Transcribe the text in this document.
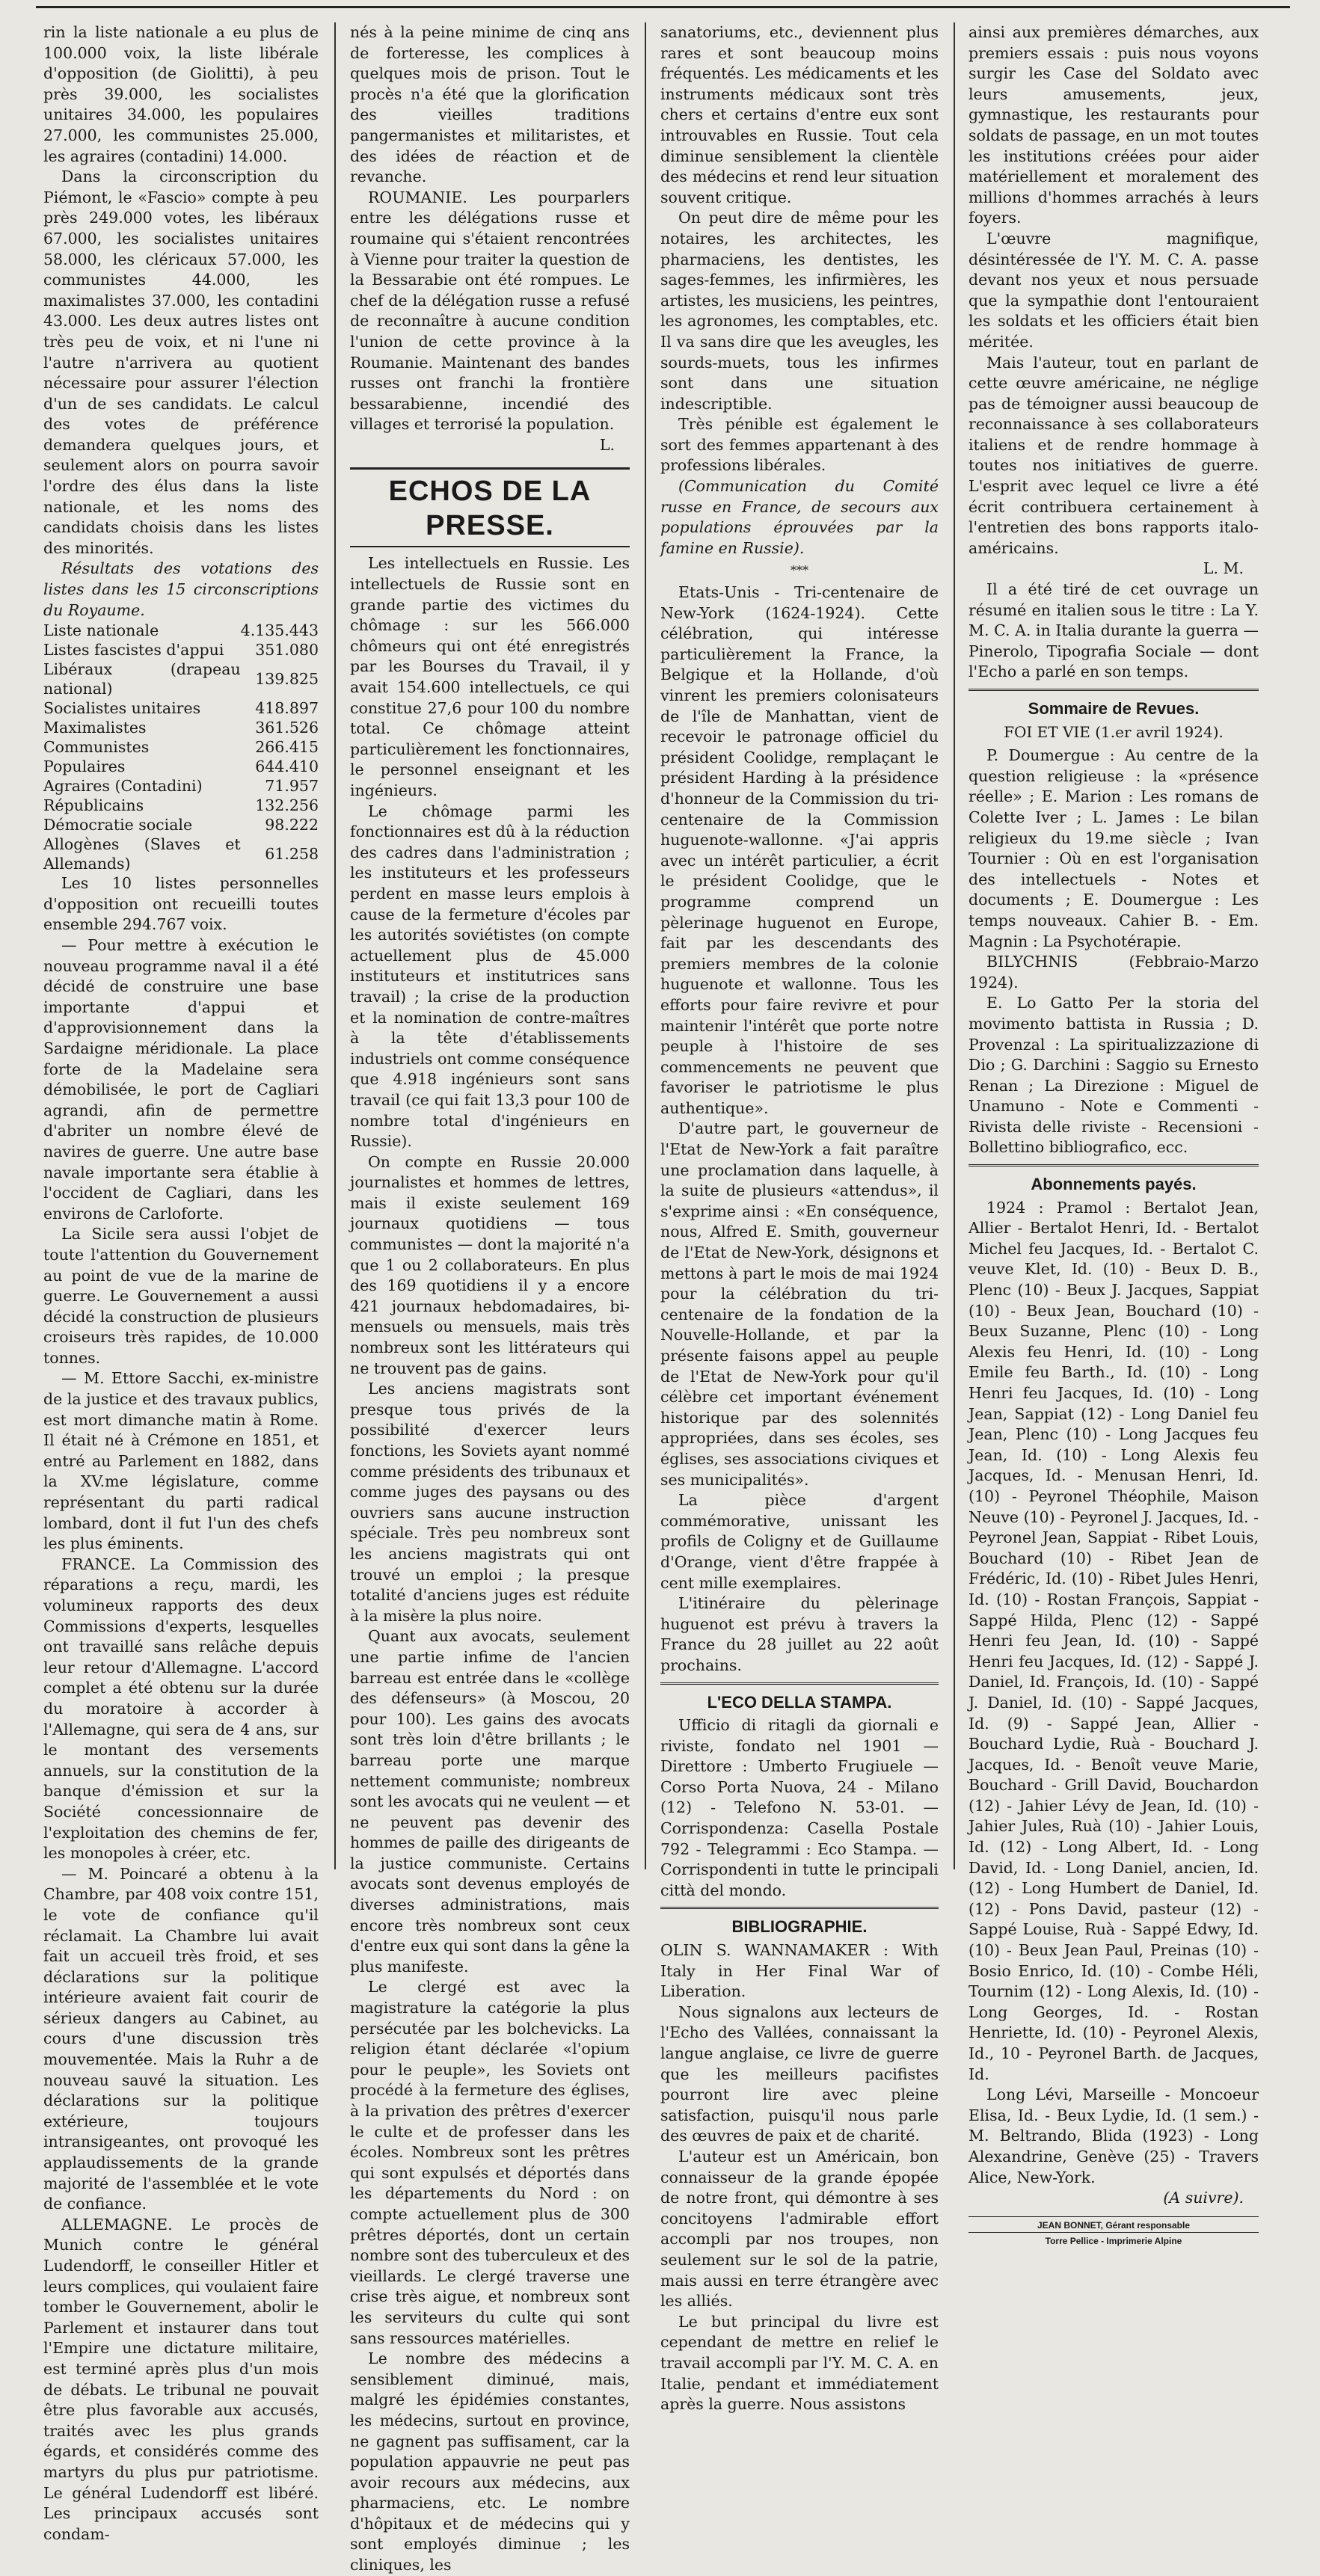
rin la liste nationale a eu plus de 100.000 voix, la liste libérale d'opposition (de Giolitti), à peu près 39.000, les socialistes unitaires 34.000, les populaires 27.000, les communistes 25.000, les agraires (contadini) 14.000.

Dans la circonscription du Piémont, le «Fascio» compte à peu près 249.000 votes, les libéraux 67.000, les socialistes unitaires 58.000, les cléricaux 57.000, les communistes 44.000, les maximalistes 37.000, les contadini 43.000. Les deux autres listes ont très peu de voix, et ni l'une ni l'autre n'arrivera au quotient nécessaire pour assurer l'élection d'un de ses candidats. Le calcul des votes de préférence demandera quelques jours, et seulement alors on pourra savoir l'ordre des élus dans la liste nationale, et les noms des candidats choisis dans les listes des minorités.

Résultats des votations des listes dans les 15 circonscriptions du Royaume.

Liste nationale	4.135.443
Listes fascistes d'appui	351.080
Libéraux (drapeau national)	139.825
Socialistes unitaires	418.897
Maximalistes	361.526
Communistes	266.415
Populaires	644.410
Agraires (Contadini)	71.957
Républicains	132.256
Démocratie sociale	98.222
Allogènes (Slaves et Allemands)	61.258

Les 10 listes personnelles d'opposition ont recueilli toutes ensemble 294.767 voix.

— Pour mettre à exécution le nouveau programme naval il a été décidé de construire une base importante d'appui et d'approvisionnement dans la Sardaigne méridionale. La place forte de la Madelaine sera démobilisée, le port de Cagliari agrandi, afin de permettre d'abriter un nombre élevé de navires de guerre. Une autre base navale importante sera établie à l'occident de Cagliari, dans les environs de Carloforte.

La Sicile sera aussi l'objet de toute l'attention du Gouvernement au point de vue de la marine de guerre. Le Gouvernement a aussi décidé la construction de plusieurs croiseurs très rapides, de 10.000 tonnes.

— M. Ettore Sacchi, ex-ministre de la justice et des travaux publics, est mort dimanche matin à Rome. Il était né à Crémone en 1851, et entré au Parlement en 1882, dans la XV.me législature, comme représentant du parti radical lombard, dont il fut l'un des chefs les plus éminents.

FRANCE. La Commission des réparations a reçu, mardi, les volumineux rapports des deux Commissions d'experts, lesquelles ont travaillé sans relâche depuis leur retour d'Allemagne. L'accord complet a été obtenu sur la durée du moratoire à accorder à l'Allemagne, qui sera de 4 ans, sur le montant des versements annuels, sur la constitution de la banque d'émission et sur la Société concessionnaire de l'exploitation des chemins de fer, les monopoles à créer, etc.

— M. Poincaré a obtenu à la Chambre, par 408 voix contre 151, le vote de confiance qu'il réclamait. La Chambre lui avait fait un accueil très froid, et ses déclarations sur la politique intérieure avaient fait courir de sérieux dangers au Cabinet, au cours d'une discussion très mouvementée. Mais la Ruhr a de nouveau sauvé la situation. Les déclarations sur la politique extérieure, toujours intransigeantes, ont provoqué les applaudissements de la grande majorité de l'assemblée et le vote de confiance.

ALLEMAGNE. Le procès de Munich contre le général Ludendorff, le conseiller Hitler et leurs complices, qui voulaient faire tomber le Gouvernement, abolir le Parlement et instaurer dans tout l'Empire une dictature militaire, est terminé après plus d'un mois de débats. Le tribunal ne pouvait être plus favorable aux accusés, traités avec les plus grands égards, et considérés comme des martyrs du plus pur patriotisme. Le général Ludendorff est libéré. Les principaux accusés sont condam-

nés à la peine minime de cinq ans de forteresse, les complices à quelques mois de prison. Tout le procès n'a été que la glorification des vieilles traditions pangermanistes et militaristes, et des idées de réaction et de revanche.

ROUMANIE. Les pourparlers entre les délégations russe et roumaine qui s'étaient rencontrées à Vienne pour traiter la question de la Bessarabie ont été rompues. Le chef de la délégation russe a refusé de reconnaître à aucune condition l'union de cette province à la Roumanie. Maintenant des bandes russes ont franchi la frontière bessarabienne, incendié des villages et terrorisé la population.

L.
ECHOS DE LA PRESSE.

Les intellectuels en Russie. Les intellectuels de Russie sont en grande partie des victimes du chômage : sur les 566.000 chômeurs qui ont été enregistrés par les Bourses du Travail, il y avait 154.600 intellectuels, ce qui constitue 27,6 pour 100 du nombre total. Ce chômage atteint particulièrement les fonctionnaires, le personnel enseignant et les ingénieurs.

Le chômage parmi les fonctionnaires est dû à la réduction des cadres dans l'administration ; les instituteurs et les professeurs perdent en masse leurs emplois à cause de la fermeture d'écoles par les autorités soviétistes (on compte actuellement plus de 45.000 instituteurs et institutrices sans travail) ; la crise de la production et la nomination de contre-maîtres à la tête d'établissements industriels ont comme conséquence que 4.918 ingénieurs sont sans travail (ce qui fait 13,3 pour 100 de nombre total d'ingénieurs en Russie).

On compte en Russie 20.000 journalistes et hommes de lettres, mais il existe seulement 169 journaux quotidiens — tous communistes — dont la majorité n'a que 1 ou 2 collaborateurs. En plus des 169 quotidiens il y a encore 421 journaux hebdomadaires, bi-mensuels ou mensuels, mais très nombreux sont les littérateurs qui ne trouvent pas de gains.

Les anciens magistrats sont presque tous privés de la possibilité d'exercer leurs fonctions, les Soviets ayant nommé comme présidents des tribunaux et comme juges des paysans ou des ouvriers sans aucune instruction spéciale. Très peu nombreux sont les anciens magistrats qui ont trouvé un emploi ; la presque totalité d'anciens juges est réduite à la misère la plus noire.

Quant aux avocats, seulement une partie infime de l'ancien barreau est entrée dans le «collège des défenseurs» (à Moscou, 20 pour 100). Les gains des avocats sont très loin d'être brillants ; le barreau porte une marque nettement communiste; nombreux sont les avocats qui ne veulent — et ne peuvent pas devenir des hommes de paille des dirigeants de la justice communiste. Certains avocats sont devenus employés de diverses administrations, mais encore très nombreux sont ceux d'entre eux qui sont dans la gêne la plus manifeste.

Le clergé est avec la magistrature la catégorie la plus persécutée par les bolchevicks. La religion étant déclarée «l'opium pour le peuple», les Soviets ont procédé à la fermeture des églises, à la privation des prêtres d'exercer le culte et de professer dans les écoles. Nombreux sont les prêtres qui sont expulsés et déportés dans les départements du Nord : on compte actuellement plus de 300 prêtres déportés, dont un certain nombre sont des tuberculeux et des vieillards. Le clergé traverse une crise très aigue, et nombreux sont les serviteurs du culte qui sont sans ressources matérielles.

Le nombre des médecins a sensiblement diminué, mais, malgré les épidémies constantes, les médecins, surtout en province, ne gagnent pas suffisament, car la population appauvrie ne peut pas avoir recours aux médecins, aux pharmaciens, etc. Le nombre d'hôpitaux et de médecins qui y sont employés diminue ; les cliniques, les

sanatoriums, etc., deviennent plus rares et sont beaucoup moins fréquentés. Les médicaments et les instruments médicaux sont très chers et certains d'entre eux sont introuvables en Russie. Tout cela diminue sensiblement la clientèle des médecins et rend leur situation souvent critique.

On peut dire de même pour les notaires, les architectes, les pharmaciens, les dentistes, les sages-femmes, les infirmières, les artistes, les musiciens, les peintres, les agronomes, les comptables, etc. Il va sans dire que les aveugles, les sourds-muets, tous les infirmes sont dans une situation indescriptible.

Très pénible est également le sort des femmes appartenant à des professions libérales.

(Communication du Comité russe en France, de secours aux populations éprouvées par la famine en Russie).

***

Etats-Unis - Tri-centenaire de New-York (1624-1924). Cette célébration, qui intéresse particulièrement la France, la Belgique et la Hollande, d'où vinrent les premiers colonisateurs de l'île de Manhattan, vient de recevoir le patronage officiel du président Coolidge, remplaçant le président Harding à la présidence d'honneur de la Commission du tri-centenaire de la Commission huguenote-wallonne. «J'ai appris avec un intérêt particulier, a écrit le président Coolidge, que le programme comprend un pèlerinage huguenot en Europe, fait par les descendants des premiers membres de la colonie huguenote et wallonne. Tous les efforts pour faire revivre et pour maintenir l'intérêt que porte notre peuple à l'histoire de ses commencements ne peuvent que favoriser le patriotisme le plus authentique».

D'autre part, le gouverneur de l'Etat de New-York a fait paraître une proclamation dans laquelle, à la suite de plusieurs «attendus», il s'exprime ainsi : «En conséquence, nous, Alfred E. Smith, gouverneur de l'Etat de New-York, désignons et mettons à part le mois de mai 1924 pour la célébration du tri-centenaire de la fondation de la Nouvelle-Hollande, et par la présente faisons appel au peuple de l'Etat de New-York pour qu'il célèbre cet important événement historique par des solennités appropriées, dans ses écoles, ses églises, ses associations civiques et ses municipalités».

La pièce d'argent commémorative, unissant les profils de Coligny et de Guillaume d'Orange, vient d'être frappée à cent mille exemplaires.

L'itinéraire du pèlerinage huguenot est prévu à travers la France du 28 juillet au 22 août prochains.

L'ECO DELLA STAMPA.

Ufficio di ritagli da giornali e riviste, fondato nel 1901 — Direttore : Umberto Frugiuele — Corso Porta Nuova, 24 - Milano (12) - Telefono N. 53-01. — Corrispondenza: Casella Postale 792 - Telegrammi : Eco Stampa. — Corrispondenti in tutte le principali città del mondo.

BIBLIOGRAPHIE.

OLIN S. WANNAMAKER : With Italy in Her Final War of Liberation.

Nous signalons aux lecteurs de l'Echo des Vallées, connaissant la langue anglaise, ce livre de guerre que les meilleurs pacifistes pourront lire avec pleine satisfaction, puisqu'il nous parle des œuvres de paix et de charité.

L'auteur est un Américain, bon connaisseur de la grande épopée de notre front, qui démontre à ses concitoyens l'admirable effort accompli par nos troupes, non seulement sur le sol de la patrie, mais aussi en terre étrangère avec les alliés.

Le but principal du livre est cependant de mettre en relief le travail accompli par l'Y. M. C. A. en Italie, pendant et immédiatement après la guerre. Nous assistons

ainsi aux premières démarches, aux premiers essais : puis nous voyons surgir les Case del Soldato avec leurs amusements, jeux, gymnastique, les restaurants pour soldats de passage, en un mot toutes les institutions créées pour aider matériellement et moralement des millions d'hommes arrachés à leurs foyers.

L'œuvre magnifique, désintéressée de l'Y. M. C. A. passe devant nos yeux et nous persuade que la sympathie dont l'entouraient les soldats et les officiers était bien méritée.

Mais l'auteur, tout en parlant de cette œuvre américaine, ne néglige pas de témoigner aussi beaucoup de reconnaissance à ses collaborateurs italiens et de rendre hommage à toutes nos initiatives de guerre. L'esprit avec lequel ce livre a été écrit contribuera certainement à l'entretien des bons rapports italo-américains.

L. M.

Il a été tiré de cet ouvrage un résumé en italien sous le titre : La Y. M. C. A. in Italia durante la guerra — Pinerolo, Tipografia Sociale — dont l'Echo a parlé en son temps.

Sommaire de Revues.
FOI ET VIE (1.er avril 1924).

P. Doumergue : Au centre de la question religieuse : la «présence réelle» ; E. Marion : Les romans de Colette Iver ; L. James : Le bilan religieux du 19.me siècle ; Ivan Tournier : Où en est l'organisation des intellectuels - Notes et documents ; E. Doumergue : Les temps nouveaux. Cahier B. - Em. Magnin : La Psychotérapie.

BILYCHNIS (Febbraio-Marzo 1924).

E. Lo Gatto Per la storia del movimento battista in Russia ; D. Provenzal : La spiritualizzazione di Dio ; G. Darchini : Saggio su Ernesto Renan ; La Direzione : Miguel de Unamuno - Note e Commenti - Rivista delle riviste - Recensioni - Bollettino bibliografico, ecc.

Abonnements payés.

1924 : Pramol : Bertalot Jean, Allier - Bertalot Henri, Id. - Bertalot Michel feu Jacques, Id. - Bertalot C. veuve Klet, Id. (10) - Beux D. B., Plenc (10) - Beux J. Jacques, Sappiat (10) - Beux Jean, Bouchard (10) - Beux Suzanne, Plenc (10) - Long Alexis feu Henri, Id. (10) - Long Emile feu Barth., Id. (10) - Long Henri feu Jacques, Id. (10) - Long Jean, Sappiat (12) - Long Daniel feu Jean, Plenc (10) - Long Jacques feu Jean, Id. (10) - Long Alexis feu Jacques, Id. - Menusan Henri, Id. (10) - Peyronel Théophile, Maison Neuve (10) - Peyronel J. Jacques, Id. - Peyronel Jean, Sappiat - Ribet Louis, Bouchard (10) - Ribet Jean de Frédéric, Id. (10) - Ribet Jules Henri, Id. (10) - Rostan François, Sappiat - Sappé Hilda, Plenc (12) - Sappé Henri feu Jean, Id. (10) - Sappé Henri feu Jacques, Id. (12) - Sappé J. Daniel, Id. François, Id. (10) - Sappé J. Daniel, Id. (10) - Sappé Jacques, Id. (9) - Sappé Jean, Allier - Bouchard Lydie, Ruà - Bouchard J. Jacques, Id. - Benoît veuve Marie, Bouchard - Grill David, Bouchardon (12) - Jahier Lévy de Jean, Id. (10) - Jahier Jules, Ruà (10) - Jahier Louis, Id. (12) - Long Albert, Id. - Long David, Id. - Long Daniel, ancien, Id. (12) - Long Humbert de Daniel, Id. (12) - Pons David, pasteur (12) - Sappé Louise, Ruà - Sappé Edwy, Id. (10) - Beux Jean Paul, Preinas (10) - Bosio Enrico, Id. (10) - Combe Héli, Tournim (12) - Long Alexis, Id. (10) - Long Georges, Id. - Rostan Henriette, Id. (10) - Peyronel Alexis, Id., 10 - Peyronel Barth. de Jacques, Id.

Long Lévi, Marseille - Moncoeur Elisa, Id. - Beux Lydie, Id. (1 sem.) - M. Beltrando, Blida (1923) - Long Alexandrine, Genève (25) - Travers Alice, New-York.

(A suivre).
JEAN BONNET, Gérant responsable
Torre Pellice - Imprimerie Alpine
